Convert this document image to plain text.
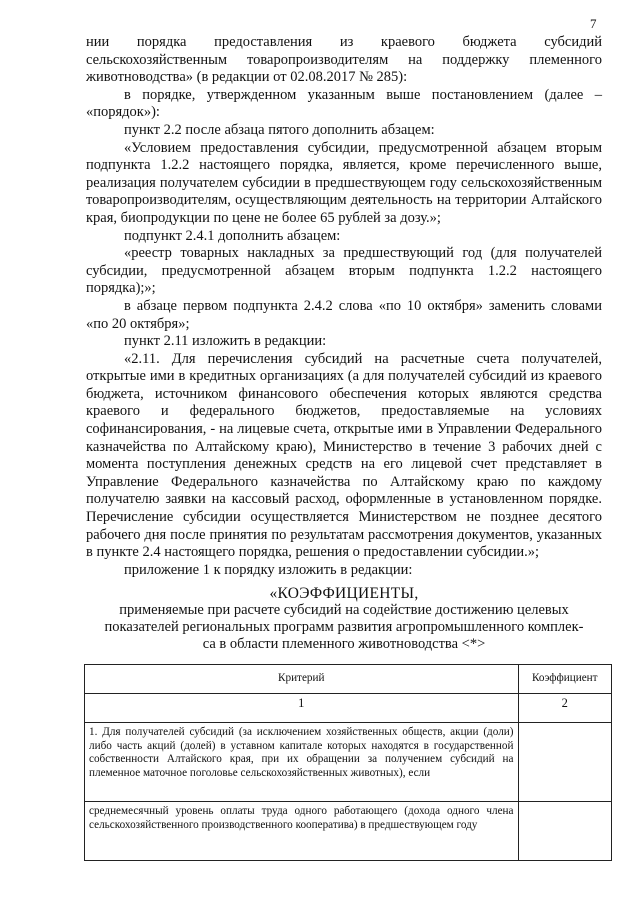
7

нии порядка предоставления из краевого бюджета субсидий сельскохозяйственным товаропроизводителям на поддержку племенного животноводства» (в редакции от 02.08.2017 № 285):

в порядке, утвержденном указанным выше постановлением (далее – «порядок»):

пункт 2.2 после абзаца пятого дополнить абзацем:

«Условием предоставления субсидии, предусмотренной абзацем вторым подпункта 1.2.2 настоящего порядка, является, кроме перечисленного выше, реализация получателем субсидии в предшествующем году сельскохозяйственным товаропроизводителям, осуществляющим деятельность на территории Алтайского края, биопродукции по цене не более 65 рублей за дозу.»;

подпункт 2.4.1 дополнить абзацем:

«реестр товарных накладных за предшествующий год (для получателей субсидии, предусмотренной абзацем вторым подпункта 1.2.2 настоящего порядка);»;

в абзаце первом подпункта 2.4.2 слова «по 10 октября» заменить словами «по 20 октября»;

пункт 2.11 изложить в редакции:

«2.11. Для перечисления субсидий на расчетные счета получателей, открытые ими в кредитных организациях (а для получателей субсидий из краевого бюджета, источником финансового обеспечения которых являются средства краевого и федерального бюджетов, предоставляемые на условиях софинансирования, - на лицевые счета, открытые ими в Управлении Федерального казначейства по Алтайскому краю), Министерство в течение 3 рабочих дней с момента поступления денежных средств на его лицевой счет представляет в Управление Федерального казначейства по Алтайскому краю по каждому получателю заявки на кассовый расход, оформленные в установленном порядке. Перечисление субсидии осуществляется Министерством не позднее десятого рабочего дня после принятия по результатам рассмотрения документов, указанных в пункте 2.4 настоящего порядка, решения о предоставлении субсидии.»;

приложение 1 к порядку изложить в редакции:

«КОЭФФИЦИЕНТЫ,
применяемые при расчете субсидий на содействие достижению целевых
показателей региональных программ развития агропромышленного комплек-
са в области племенного животноводства <*>
Критерий	Коэффициент
1	2
1. Для получателей субсидий (за исключением хозяйственных обществ, акции (доли) либо часть акций (долей) в уставном капитале которых находятся в государственной собственности Алтайского края, при их обращении за получением субсидий на племенное маточное поголовье сельскохозяйственных животных), если	
среднемесячный уровень оплаты труда одного работающего (дохода одного члена сельскохозяйственного производственного кооператива) в предшествующем году	
